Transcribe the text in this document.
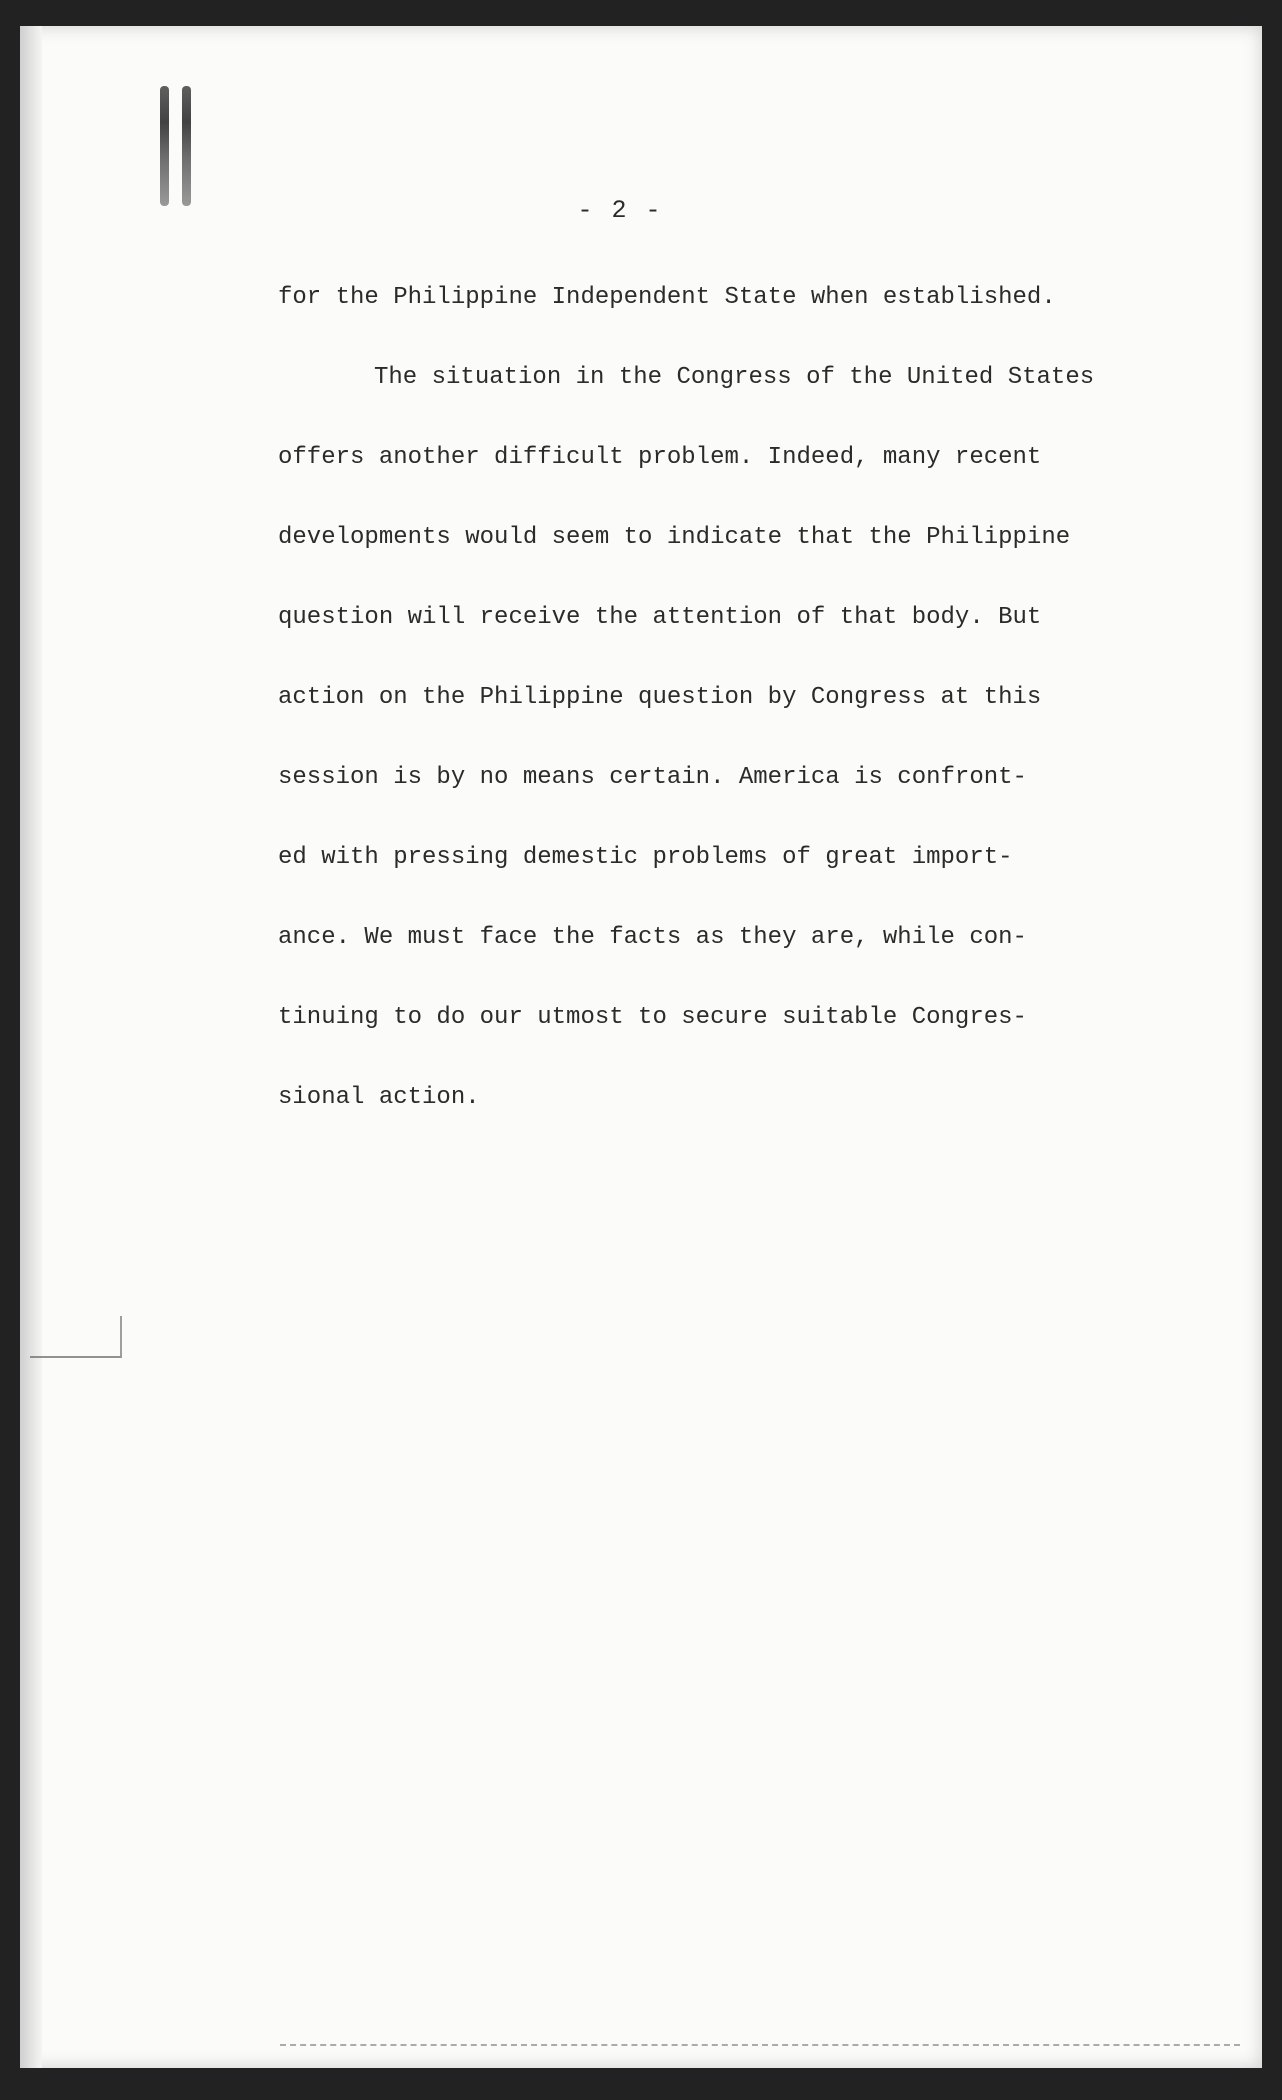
- 2 -
for the Philippine Independent State when established.
The situation in the Congress of the United States
offers another difficult problem. Indeed, many recent
developments would seem to indicate that the Philippine
question will receive the attention of that body. But
action on the Philippine question by Congress at this
session is by no means certain. America is confront-
ed with pressing demestic problems of great import-
ance. We must face the facts as they are, while con-
tinuing to do our utmost to secure suitable Congres-
sional action.
